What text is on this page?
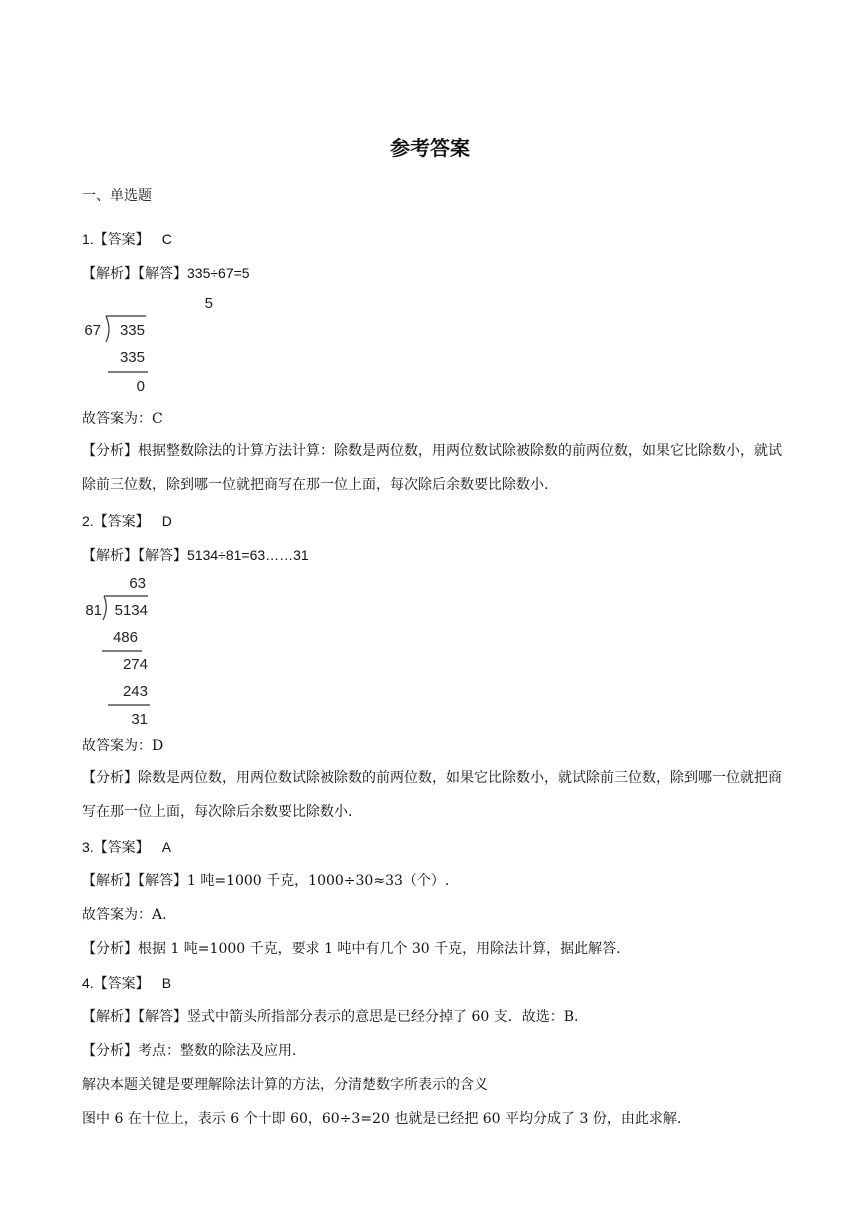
参考答案
一、单选题
1.【答案】 C
【解析】【解答】335÷67=5
5
67 335
335
0
故答案为：C
【分析】根据整数除法的计算方法计算：除数是两位数，用两位数试除被除数的前两位数，如果它比除数小，就试除前三位数，除到哪一位就把商写在那一位上面，每次除后余数要比除数小.
2.【答案】 D
【解析】【解答】5134÷81=63……31
63
81 5134
486
274
243
31
故答案为：D
【分析】除数是两位数，用两位数试除被除数的前两位数，如果它比除数小，就试除前三位数，除到哪一位就把商写在那一位上面，每次除后余数要比除数小.
3.【答案】 A
【解析】【解答】1 吨=1000 千克，1000÷30≈33（个）.
故答案为：A.
【分析】根据 1 吨=1000 千克，要求 1 吨中有几个 30 千克，用除法计算，据此解答.
4.【答案】 B
【解析】【解答】竖式中箭头所指部分表示的意思是已经分掉了 60 支．故选：B.
【分析】考点：整数的除法及应用.
解决本题关键是要理解除法计算的方法，分清楚数字所表示的含义
图中 6 在十位上，表示 6 个十即 60，60÷3=20 也就是已经把 60 平均分成了 3 份，由此求解.
